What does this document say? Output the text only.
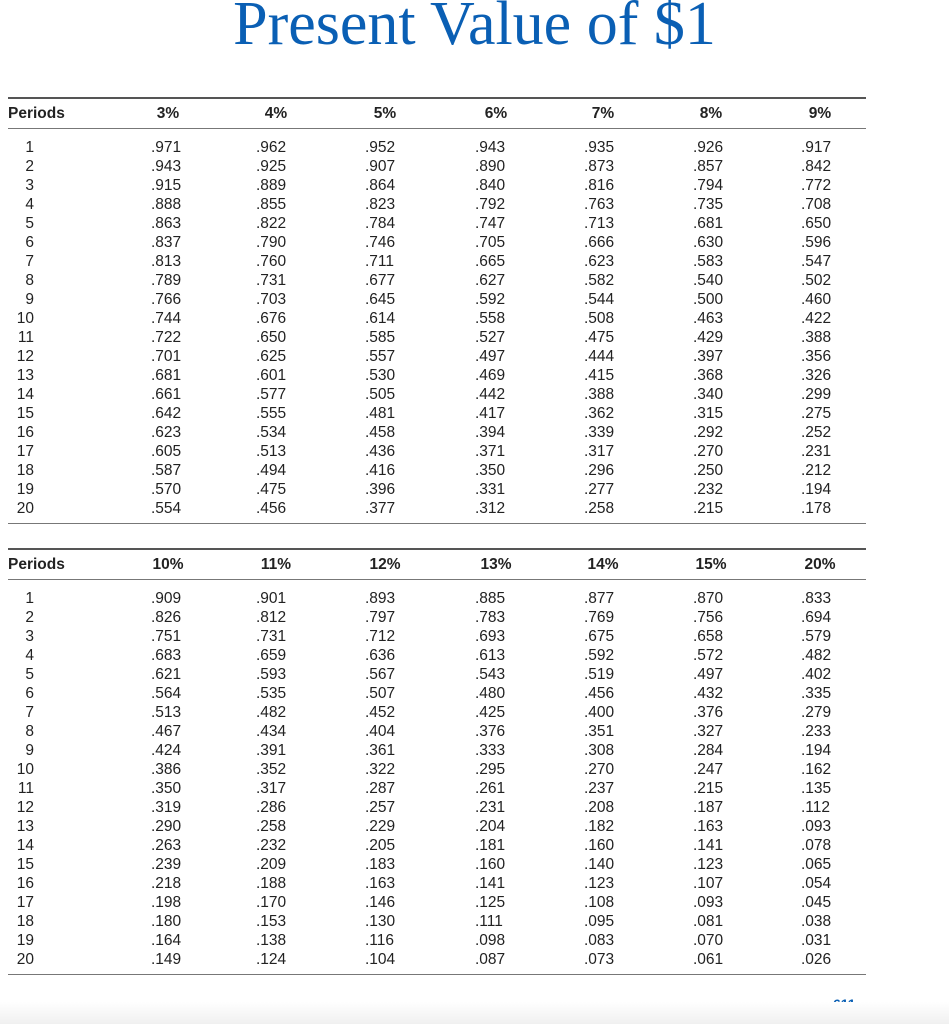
Present Value of $1
Periods	3%	4%	5%	6%	7%	8%	9%
1	.971	.962	.952	.943	.935	.926	.917
2	.943	.925	.907	.890	.873	.857	.842
3	.915	.889	.864	.840	.816	.794	.772
4	.888	.855	.823	.792	.763	.735	.708
5	.863	.822	.784	.747	.713	.681	.650
6	.837	.790	.746	.705	.666	.630	.596
7	.813	.760	.711	.665	.623	.583	.547
8	.789	.731	.677	.627	.582	.540	.502
9	.766	.703	.645	.592	.544	.500	.460
10	.744	.676	.614	.558	.508	.463	.422
11	.722	.650	.585	.527	.475	.429	.388
12	.701	.625	.557	.497	.444	.397	.356
13	.681	.601	.530	.469	.415	.368	.326
14	.661	.577	.505	.442	.388	.340	.299
15	.642	.555	.481	.417	.362	.315	.275
16	.623	.534	.458	.394	.339	.292	.252
17	.605	.513	.436	.371	.317	.270	.231
18	.587	.494	.416	.350	.296	.250	.212
19	.570	.475	.396	.331	.277	.232	.194
20	.554	.456	.377	.312	.258	.215	.178
Periods	10%	11%	12%	13%	14%	15%	20%
1	.909	.901	.893	.885	.877	.870	.833
2	.826	.812	.797	.783	.769	.756	.694
3	.751	.731	.712	.693	.675	.658	.579
4	.683	.659	.636	.613	.592	.572	.482
5	.621	.593	.567	.543	.519	.497	.402
6	.564	.535	.507	.480	.456	.432	.335
7	.513	.482	.452	.425	.400	.376	.279
8	.467	.434	.404	.376	.351	.327	.233
9	.424	.391	.361	.333	.308	.284	.194
10	.386	.352	.322	.295	.270	.247	.162
11	.350	.317	.287	.261	.237	.215	.135
12	.319	.286	.257	.231	.208	.187	.112
13	.290	.258	.229	.204	.182	.163	.093
14	.263	.232	.205	.181	.160	.141	.078
15	.239	.209	.183	.160	.140	.123	.065
16	.218	.188	.163	.141	.123	.107	.054
17	.198	.170	.146	.125	.108	.093	.045
18	.180	.153	.130	.111	.095	.081	.038
19	.164	.138	.116	.098	.083	.070	.031
20	.149	.124	.104	.087	.073	.061	.026
